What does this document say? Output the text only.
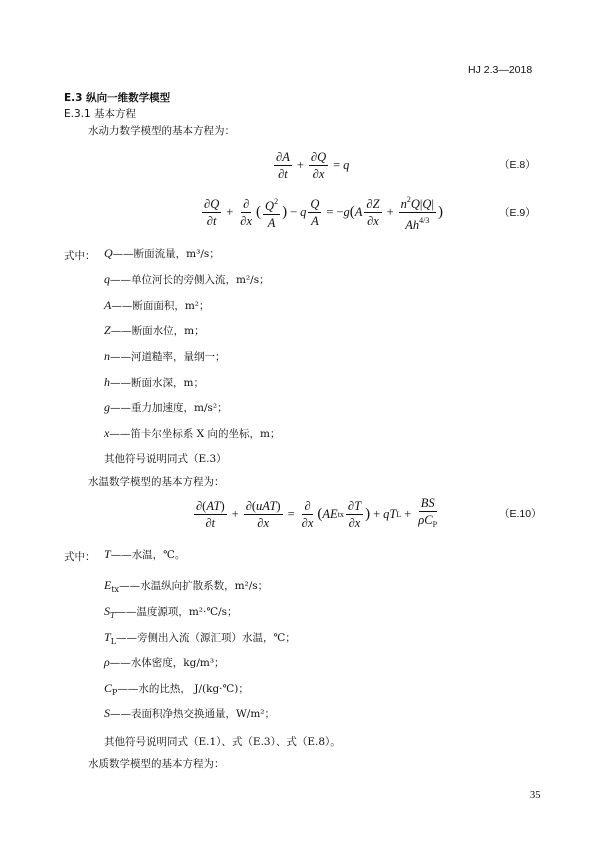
HJ 2.3—2018
E.3 纵向一维数学模型
E.3.1 基本方程
水动力数学模型的基本方程为：
$\frac{\partial A}{\partial t} + \frac{\partial Q}{\partial x} = q$	（E.8）
$\frac{\partial Q}{\partial t} + \frac{\partial}{\partial x}$ ( $\frac{Q^2}{A}$ ) − q $\frac{Q}{A}$ = − g ( A $\frac{\partial Z}{\partial x} + \frac{n^2Q|Q|}{Ah^{4/3}}$ )	（E.9）
式中： Q——断面流量，m³/s；
q——单位河长的旁侧入流，m²/s；
A——断面面积，m²；
Z——断面水位，m；
n——河道糙率，量纲一；
h——断面水深，m；
g——重力加速度，m/s²；
x——笛卡尔坐标系 X 向的坐标，m；
其他符号说明同式（E.3）
水温数学模型的基本方程为：
$\frac{\partial(AT)}{\partial t} + \frac{\text{∂(uAT)}}{\partial x} = \frac{\partial}{\partial x}$ ( AE tx $\frac{\partial T}{\partial x}$ ) + qT $L + \frac{BS}{\rho C_P}$	（E.10）
式中： T——水温，℃。
$E_{tx}——$水温纵向扩散系数，m²/s；
$S_T——$温度源项，m²·℃/s；
$T_L——$旁侧出入流（源汇项）水温，℃；
ρ——水体密度，kg/m³；
$C_P——$水的比热， J/(kg·℃)；
S——表面积净热交换通量，W/m²；
其他符号说明同式（E.1）、式（E.3）、式（E.8）。
水质数学模型的基本方程为：
35
